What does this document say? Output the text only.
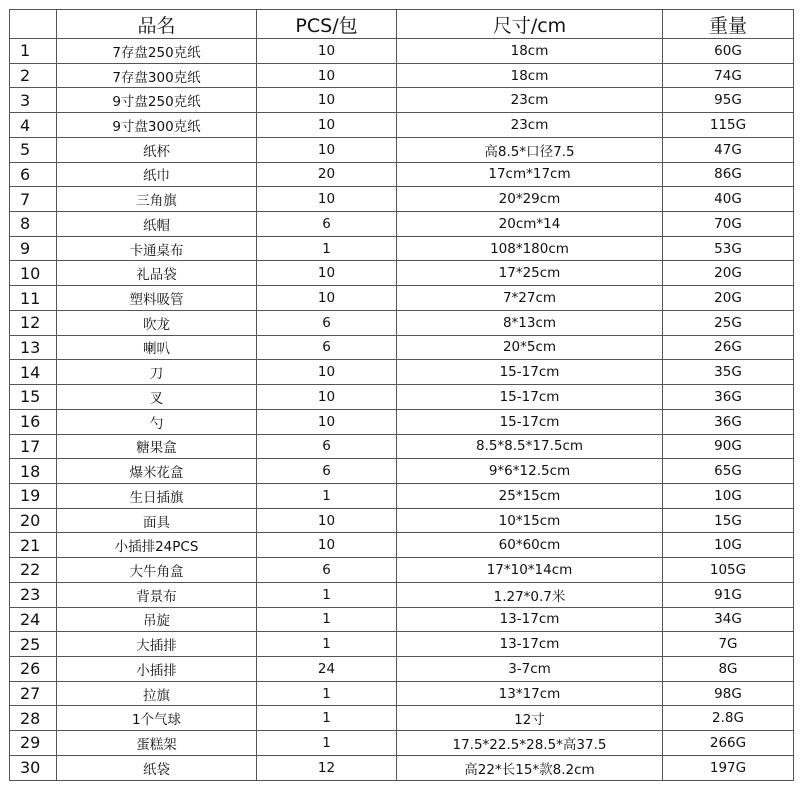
	品名	PCS/包	尺寸/cm	重量
1	7存盘250克纸	10	18cm	60G
2	7存盘300克纸	10	18cm	74G
3	9寸盘250克纸	10	23cm	95G
4	9寸盘300克纸	10	23cm	115G
5	纸杯	10	高8.5*口径7.5	47G
6	纸巾	20	17cm*17cm	86G
7	三角旗	10	20*29cm	40G
8	纸帽	6	20cm*14	70G
9	卡通桌布	1	108*180cm	53G
10	礼品袋	10	17*25cm	20G
11	塑料吸管	10	7*27cm	20G
12	吹龙	6	8*13cm	25G
13	喇叭	6	20*5cm	26G
14	刀	10	15-17cm	35G
15	叉	10	15-17cm	36G
16	勺	10	15-17cm	36G
17	糖果盒	6	8.5*8.5*17.5cm	90G
18	爆米花盒	6	9*6*12.5cm	65G
19	生日插旗	1	25*15cm	10G
20	面具	10	10*15cm	15G
21	小插排24PCS	10	60*60cm	10G
22	大牛角盒	6	17*10*14cm	105G
23	背景布	1	1.27*0.7米	91G
24	吊旋	1	13-17cm	34G
25	大插排	1	13-17cm	7G
26	小插排	24	3-7cm	8G
27	拉旗	1	13*17cm	98G
28	1个气球	1	12寸	2.8G
29	蛋糕架	1	17.5*22.5*28.5*高37.5	266G
30	纸袋	12	高22*长15*款8.2cm	197G
